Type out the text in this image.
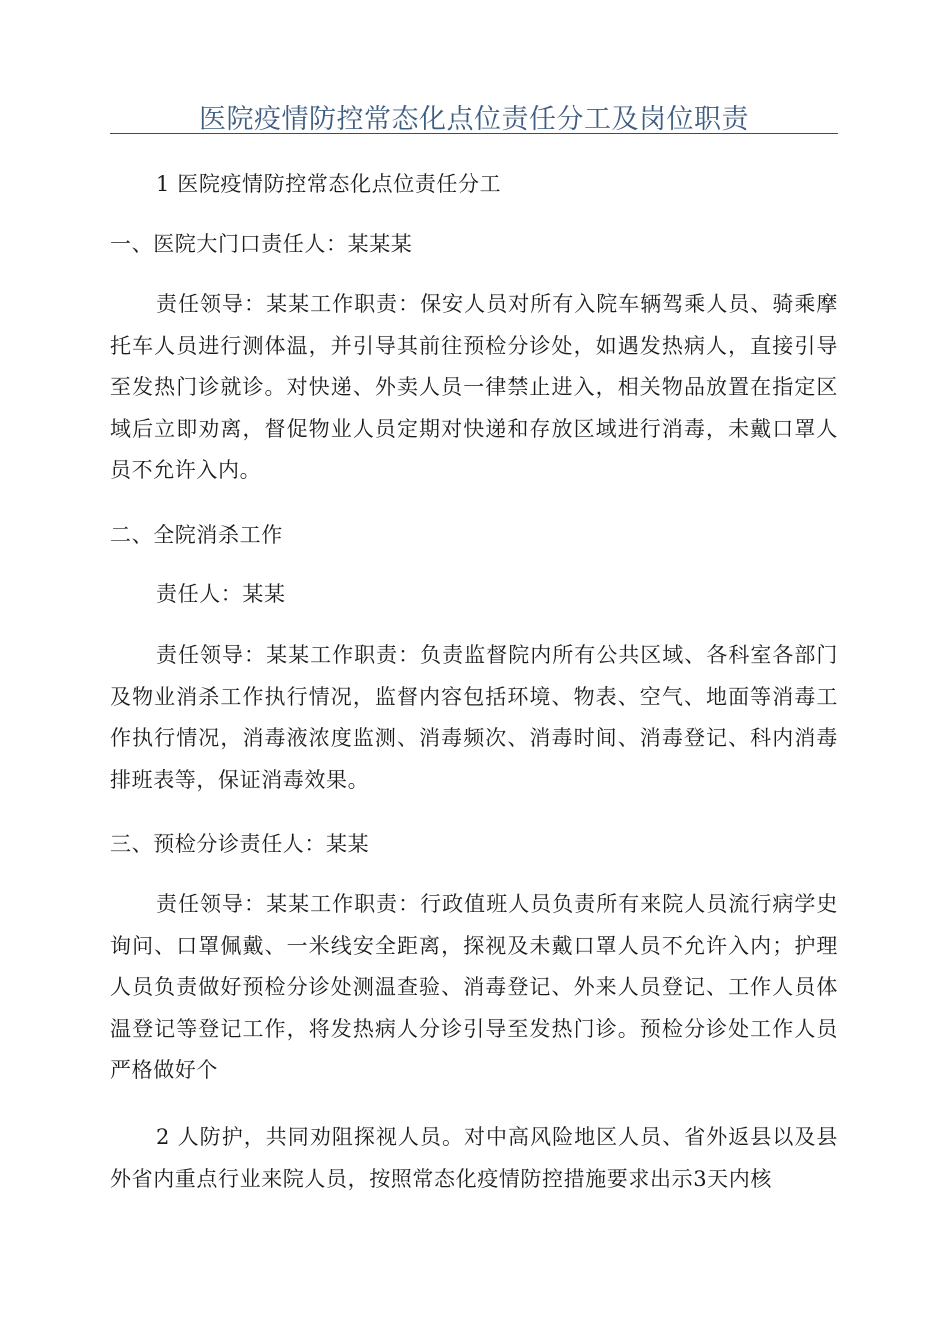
医院疫情防控常态化点位责任分工及岗位职责

1 医院疫情防控常态化点位责任分工

一、医院大门口责任人：某某某

责任领导：某某工作职责：保安人员对所有入院车辆驾乘人员、骑乘摩托车人员进行测体温，并引导其前往预检分诊处，如遇发热病人，直接引导至发热门诊就诊。对快递、外卖人员一律禁止进入，相关物品放置在指定区域后立即劝离，督促物业人员定期对快递和存放区域进行消毒，未戴口罩人员不允许入内。

二、全院消杀工作

责任人：某某

责任领导：某某工作职责：负责监督院内所有公共区域、各科室各部门及物业消杀工作执行情况，监督内容包括环境、物表、空气、地面等消毒工作执行情况，消毒液浓度监测、消毒频次、消毒时间、消毒登记、科内消毒排班表等，保证消毒效果。

三、预检分诊责任人：某某

责任领导：某某工作职责：行政值班人员负责所有来院人员流行病学史询问、口罩佩戴、一米线安全距离，探视及未戴口罩人员不允许入内；护理人员负责做好预检分诊处测温查验、消毒登记、外来人员登记、工作人员体温登记等登记工作，将发热病人分诊引导至发热门诊。预检分诊处工作人员严格做好个

2 人防护，共同劝阻探视人员。对中高风险地区人员、省外返县以及县外省内重点行业来院人员，按照常态化疫情防控措施要求出示3天内核
